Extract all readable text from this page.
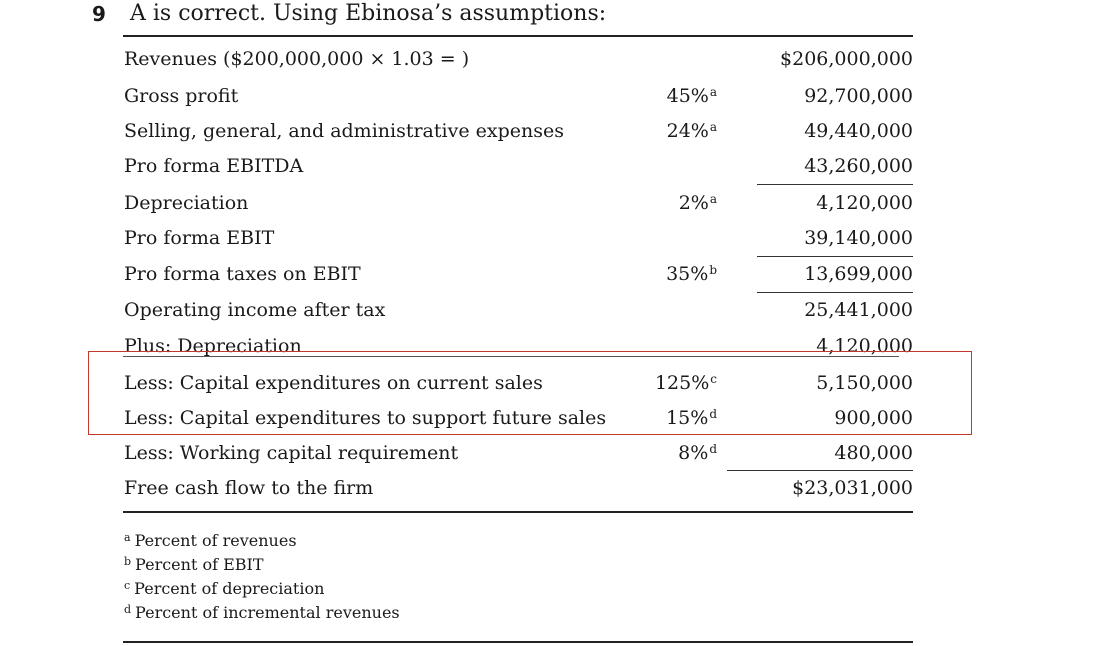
9 A is correct. Using Ebinosa’s assumptions:
Revenues ($200,000,000 × 1.03 = )	$206,000,000
Gross profit	45%$^a$	92,700,000
Selling, general, and administrative expenses	24%$^a$	49,440,000
Pro forma EBITDA	43,260,000
Depreciation	2%$^a$	4,120,000
Pro forma EBIT	39,140,000
Pro forma taxes on EBIT	35%$^b$	13,699,000
Operating income after tax	25,441,000
Plus: Depreciation	4,120,000
Less: Capital expenditures on current sales	125%$^c$	5,150,000
Less: Capital expenditures to support future sales	15%$^d$	900,000
Less: Working capital requirement	8%$^d$	480,000
Free cash flow to the firm	$23,031,000
$^a$ Percent of revenues
$^b$ Percent of EBIT
$^c$ Percent of depreciation
$^d$ Percent of incremental revenues
